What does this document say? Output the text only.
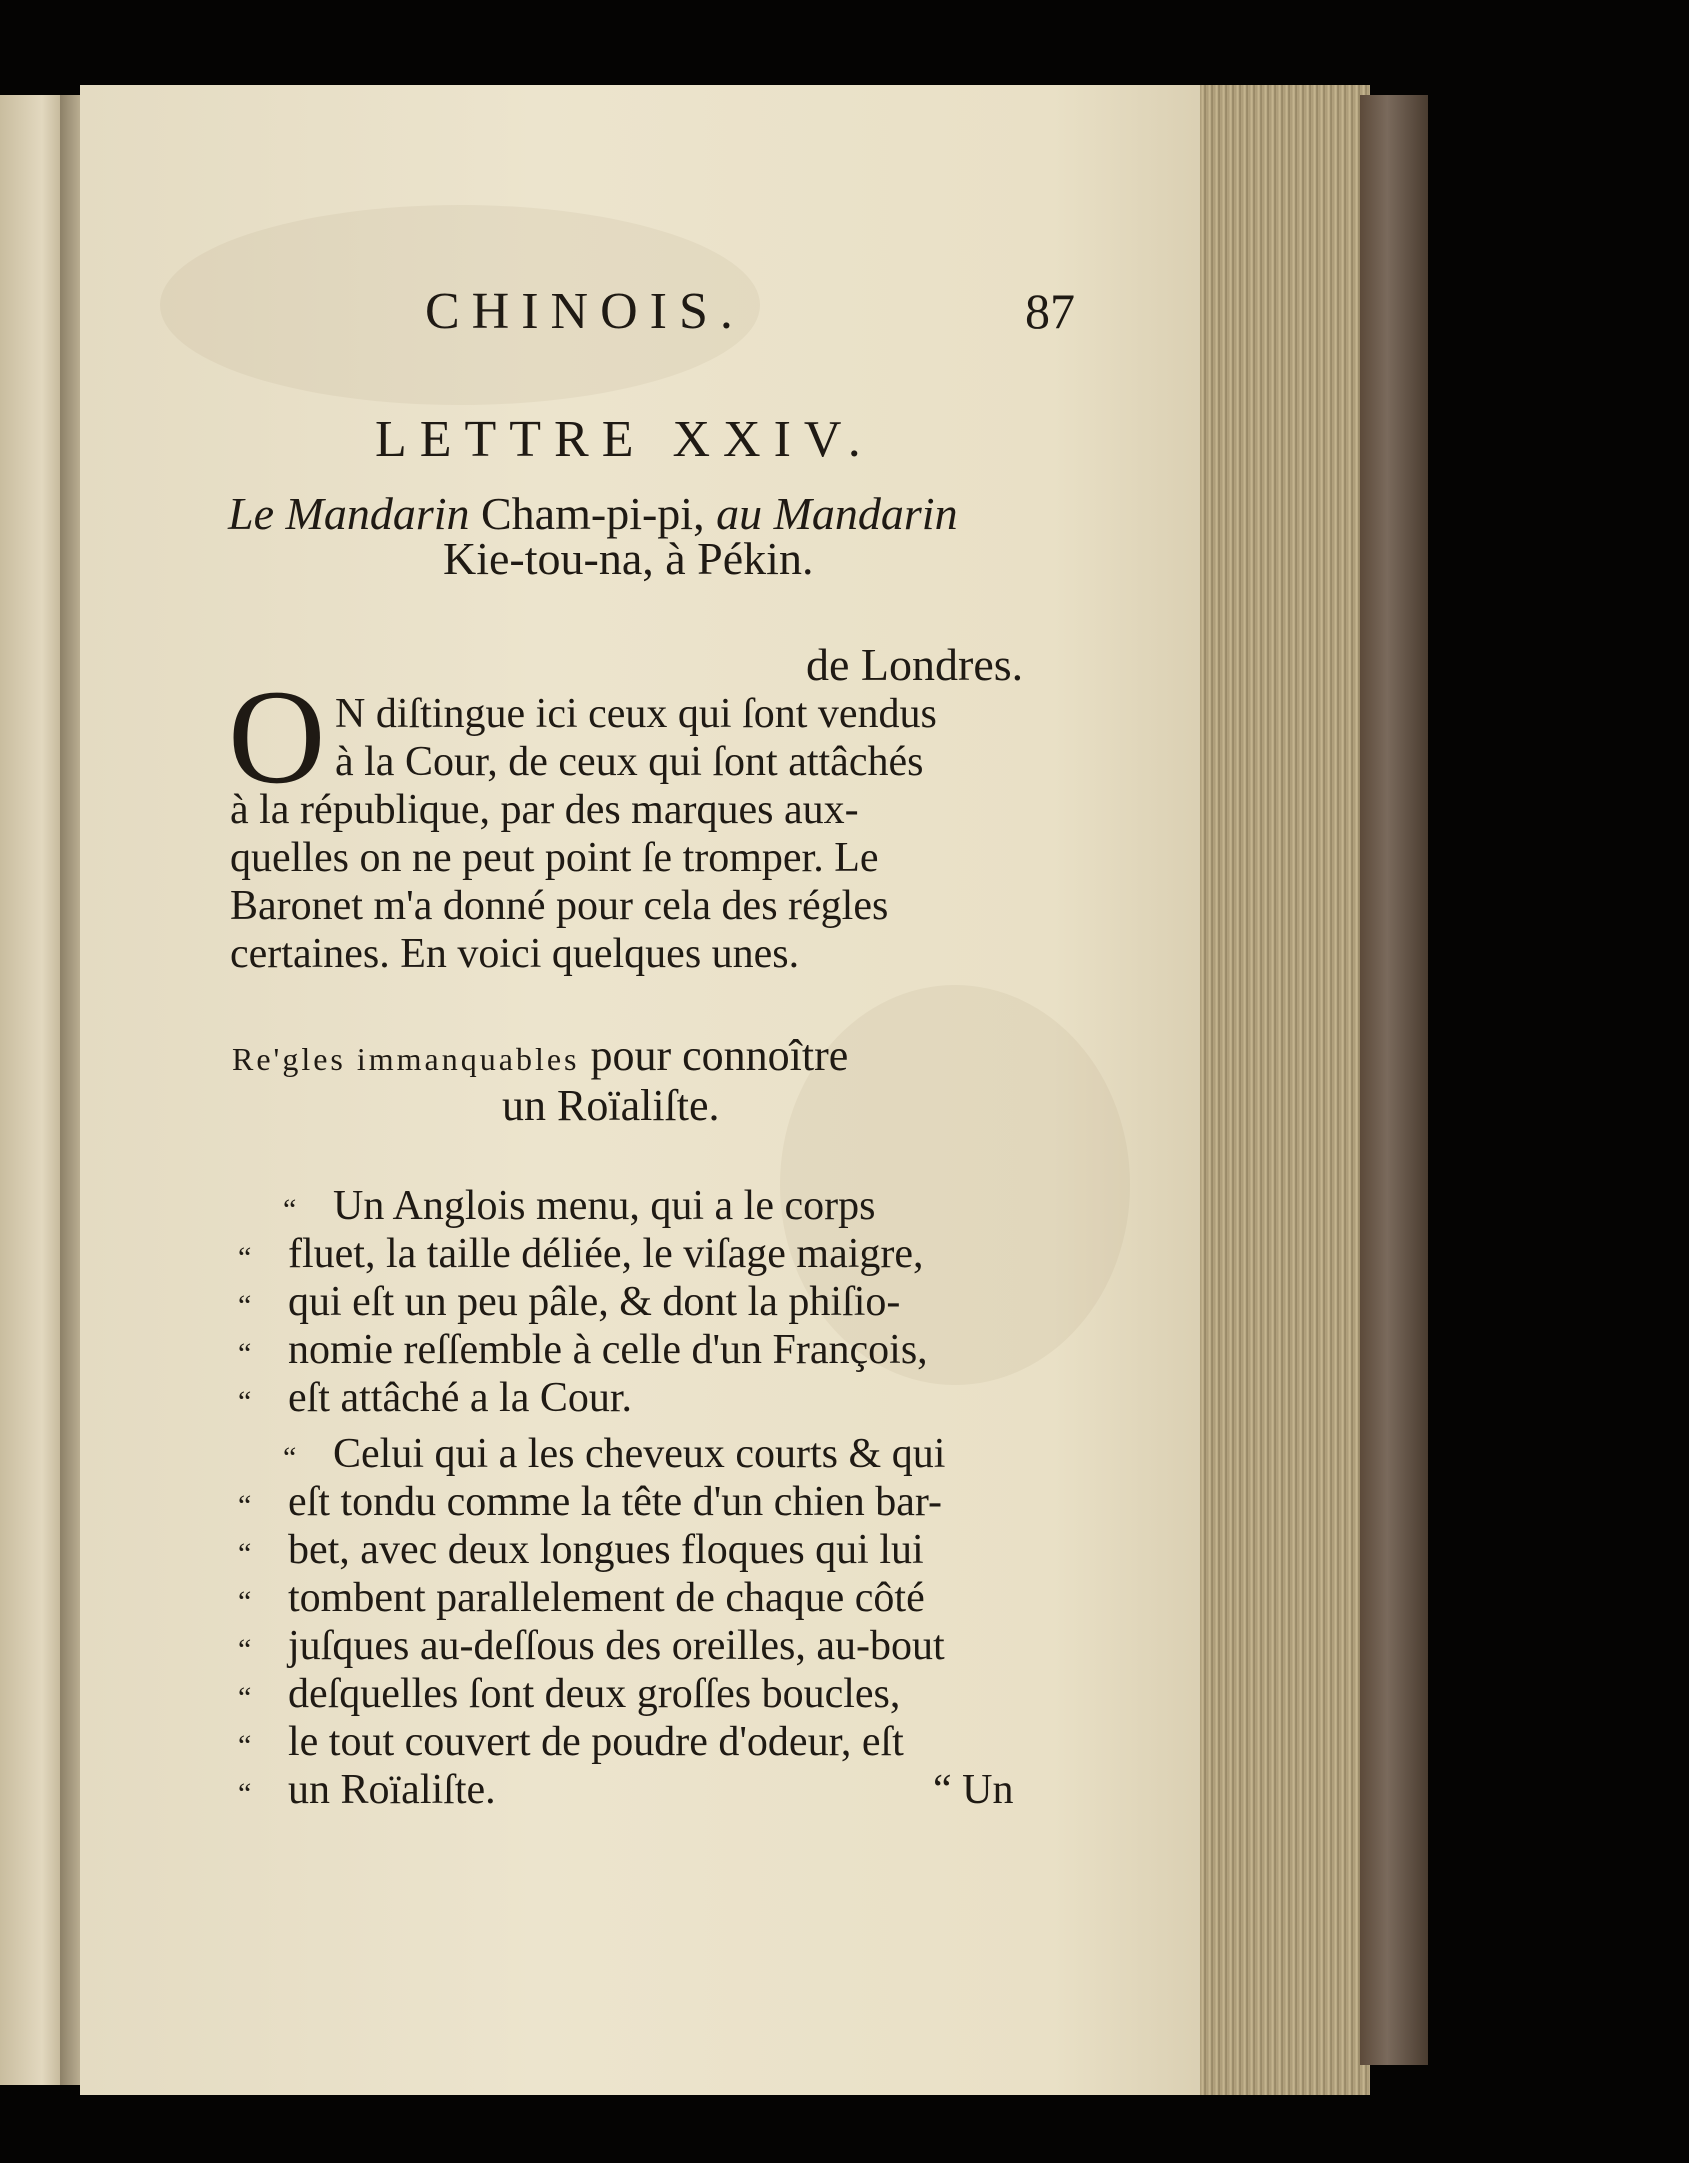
CHINOIS.	87
LETTRE XXIV.
Le Mandarin Cham-pi-pi, au Mandarin
Kie-tou-na, à Pékin.
de Londres.
O N diſtingue ici ceux qui ſont vendus
à la Cour, de ceux qui ſont attâchés
à la république, par des marques aux-
quelles on ne peut point ſe tromper. Le
Baronet m'a donné pour cela des régles
certaines. En voici quelques unes.
Re'gles immanquables pour connoître
un Roïaliſte.
“ Un Anglois menu, qui a le corps
“ fluet, la taille déliée, le viſage maigre,
“ qui eſt un peu pâle, & dont la phiſio-
“ nomie reſſemble à celle d'un François,
“ eſt attâché a la Cour.
“ Celui qui a les cheveux courts & qui
“ eſt tondu comme la tête d'un chien bar-
“ bet, avec deux longues floques qui lui
“ tombent parallelement de chaque côté
“ juſques au-deſſous des oreilles, au-bout
“ deſquelles ſont deux groſſes boucles,
“ le tout couvert de poudre d'odeur, eſt
“ un Roïaliſte.	“ Un
